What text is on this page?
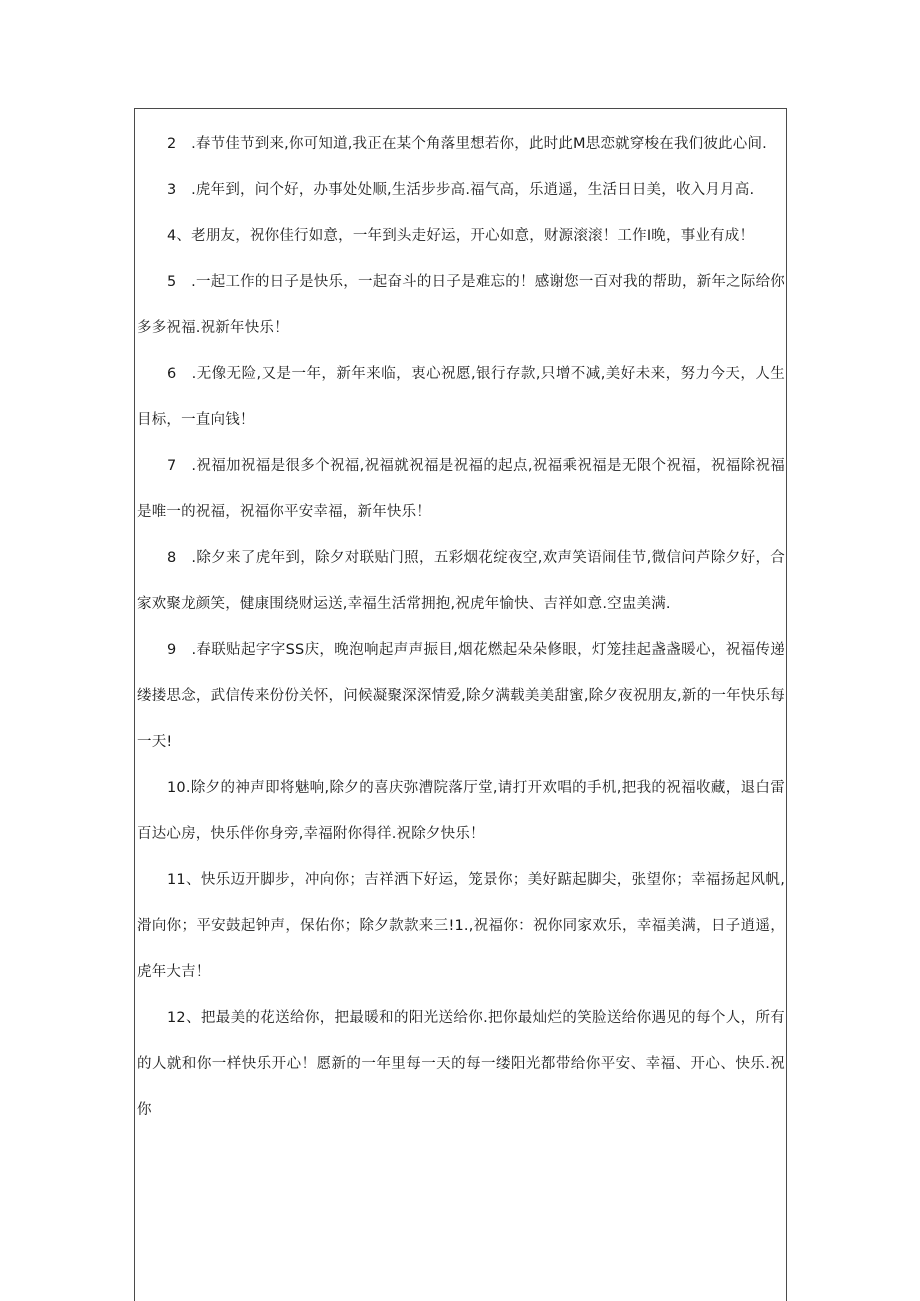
2　.春节佳节到来,你可知道,我正在某个角落里想若你，此时此M思恋就穿梭在我们彼此心间.

3　.虎年到，问个好，办事处处顺,生活步步高.福气高，乐逍遥，生活日日美，收入月月高.

4、老朋友，祝你佳行如意，一年到头走好运，开心如意，财源滚滚！工作I晚，事业有成！

5　.一起工作的日子是快乐，一起奋斗的日子是难忘的！感谢您一百对我的帮助，新年之际给你多多祝福.祝新年快乐！

6　.无像无险,又是一年，新年来临，衷心祝愿,银行存款,只增不减,美好未来，努力今天，人生目标，一直向钱！

7　.祝福加祝福是很多个祝福,祝福就祝福是祝福的起点,祝福乘祝福是无限个祝福，祝福除祝福是唯一的祝福，祝福你平安幸福，新年快乐！

8　.除夕来了虎年到，除夕对联贴门照，五彩烟花绽夜空,欢声笑语闹佳节,微信问芦除夕好，合家欢聚龙颜笑，健康围绕财运送,幸福生活常拥抱,祝虎年愉快、吉祥如意.空盅美满.

9　.春联贴起字字SS庆，晚泡响起声声振目,烟花燃起朵朵修眼，灯笼挂起盏盏暖心，祝福传递缕搂思念，武信传来份份关怀，问候凝聚深深情爱,除夕满载美美甜蜜,除夕夜祝朋友,新的一年快乐每一天!

10.除夕的神声即将魅响,除夕的喜庆弥漕院落厅堂,请打开欢唱的手机,把我的祝福收藏，退白雷百达心房，快乐伴你身旁,幸福附你得徉.祝除夕快乐！

11、快乐迈开脚步，冲向你；吉祥洒下好运，笼景你；美好踮起脚尖，张望你；幸福扬起风帆,滑向你；平安鼓起钟声，保佑你；除夕款款来三!1.,祝福你：祝你同家欢乐，幸福美满，日子逍遥，虎年大吉！

12、把最美的花送给你，把最暖和的阳光送给你.把你最灿烂的笑脸送给你遇见的每个人，所有的人就和你一样快乐开心！愿新的一年里每一天的每一缕阳光都带给你平安、幸福、开心、快乐.祝你
